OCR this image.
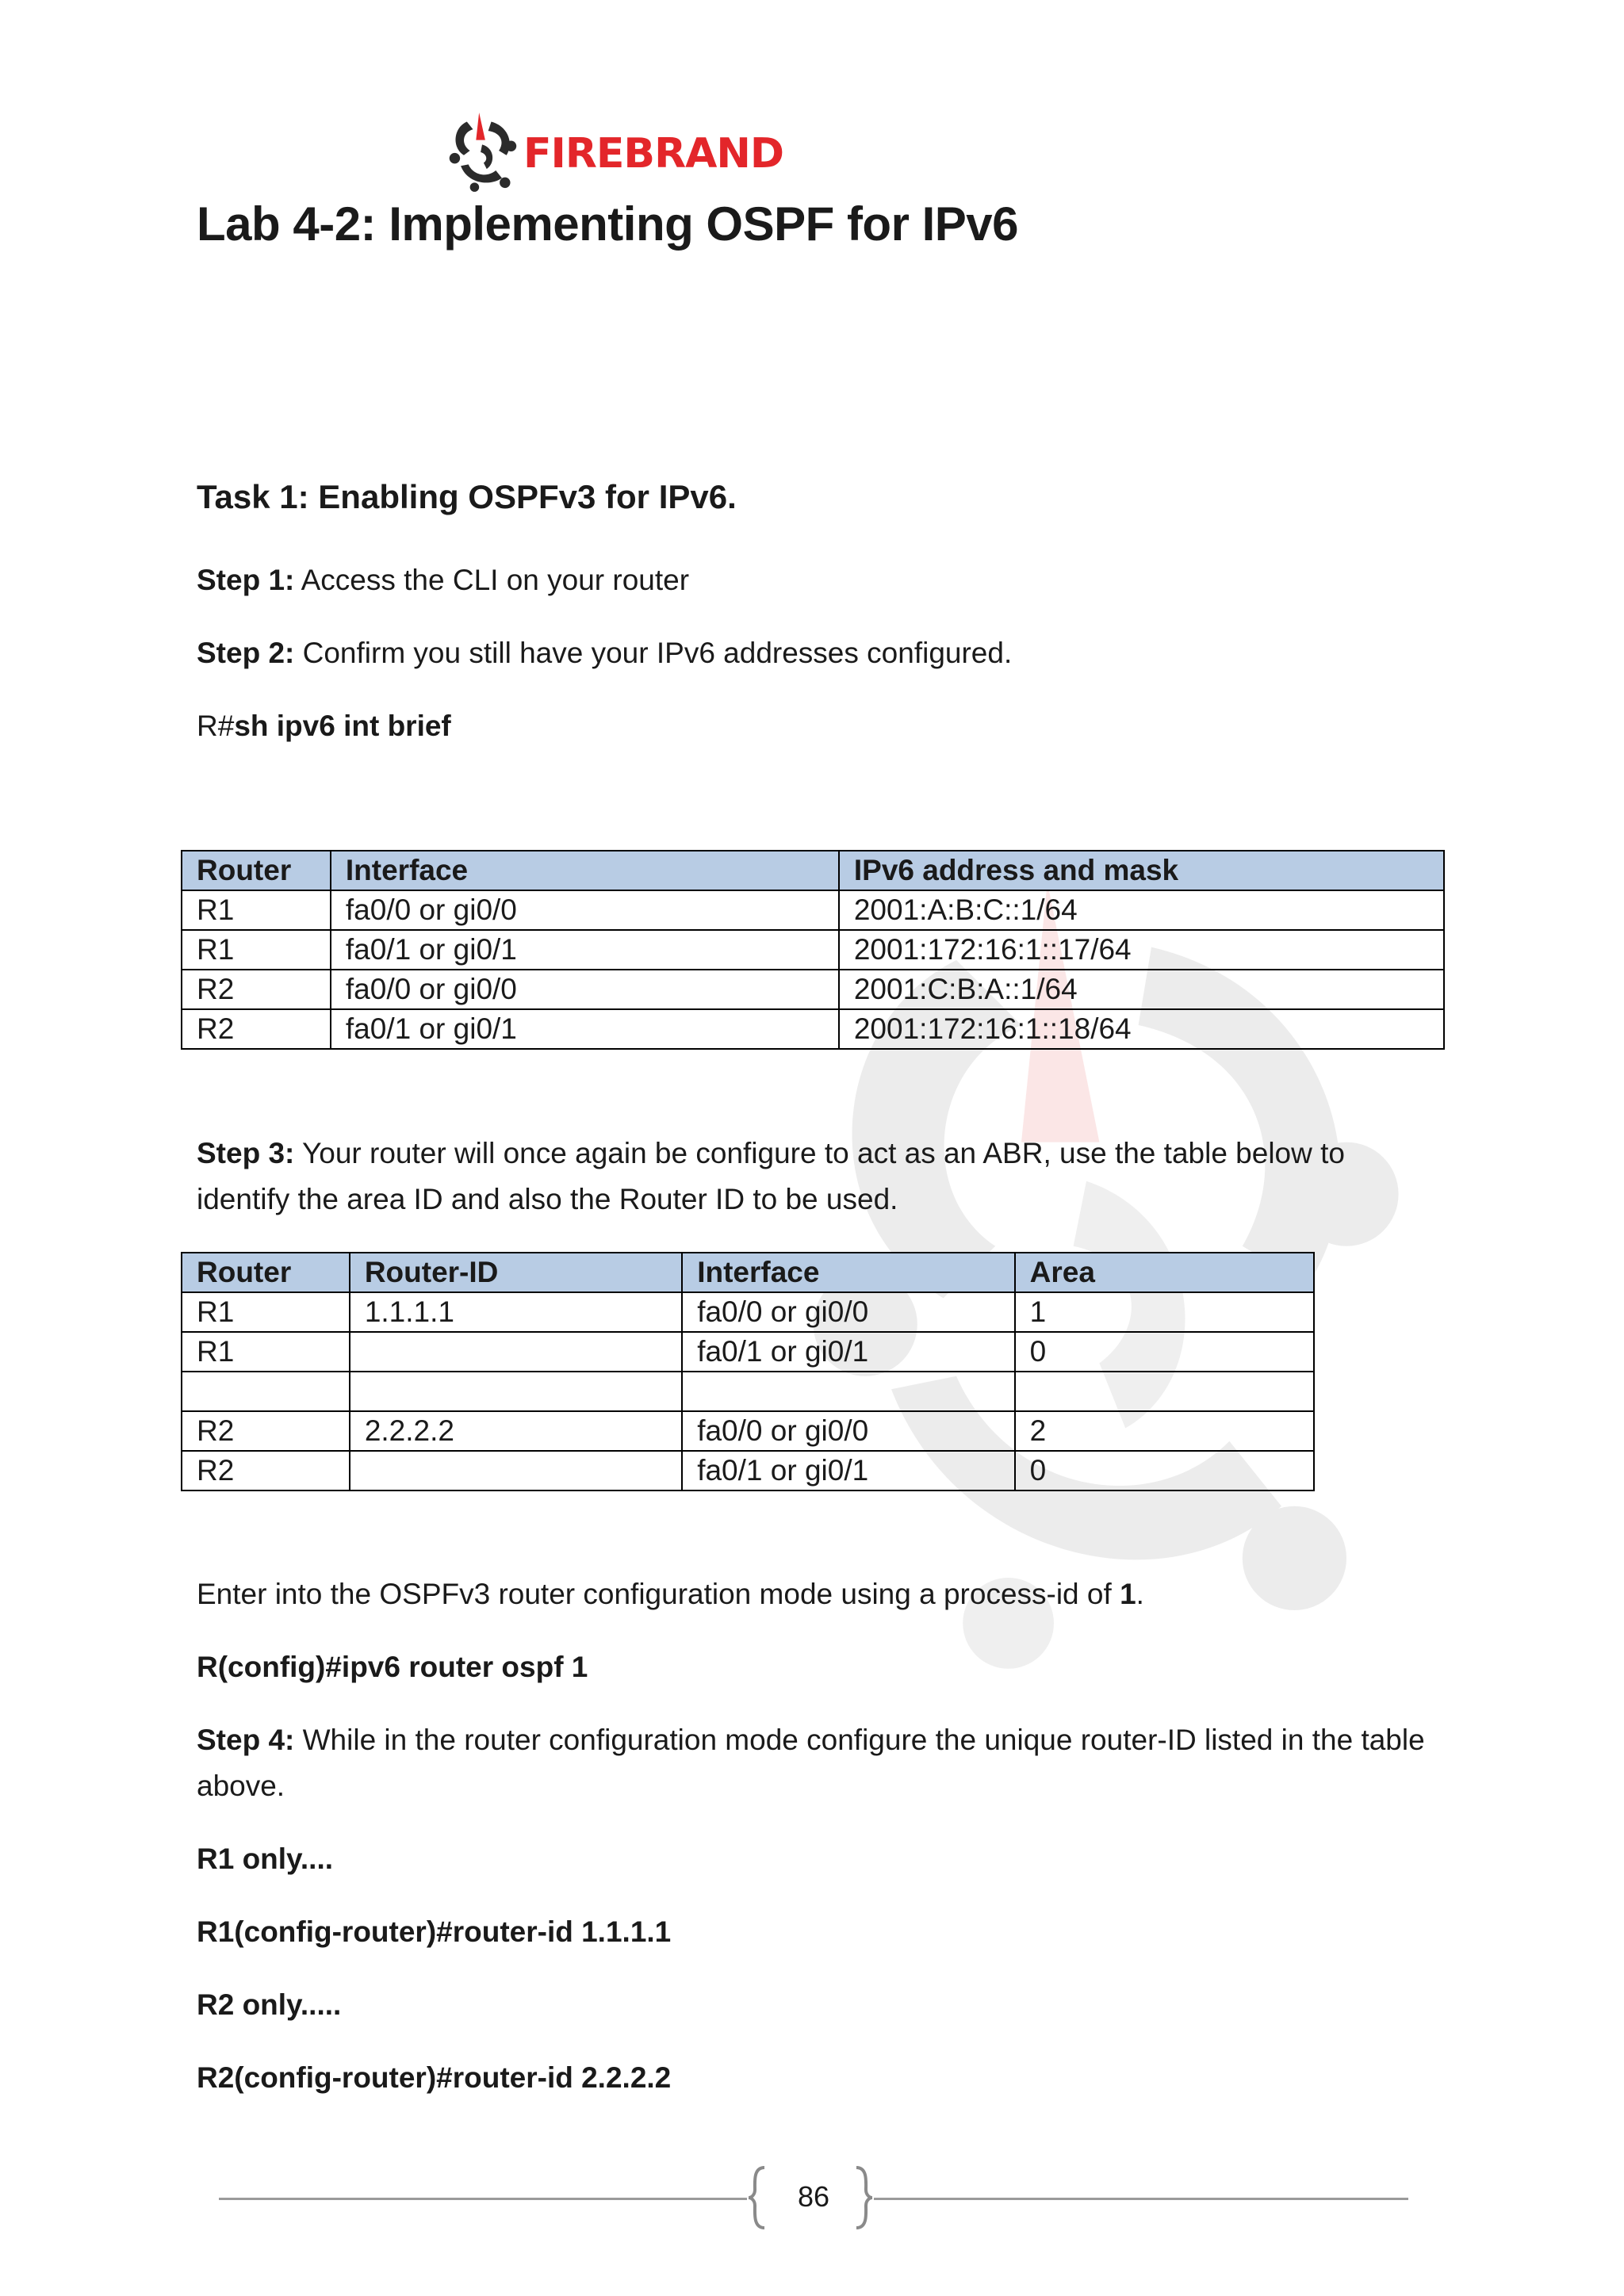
FIREBRAND
Lab 4-2: Implementing OSPF for IPv6
Task 1: Enabling OSPFv3 for IPv6.

Step 1: Access the CLI on your router

Step 2: Confirm you still have your IPv6 addresses configured.

R#sh ipv6 int brief

Router	Interface	IPv6 address and mask
R1	fa0/0 or gi0/0	2001:A:B:C::1/64
R1	fa0/1 or gi0/1	2001:172:16:1::17/64
R2	fa0/0 or gi0/0	2001:C:B:A::1/64
R2	fa0/1 or gi0/1	2001:172:16:1::18/64

Step 3: Your router will once again be configure to act as an ABR, use the table below to identify the area ID and also the Router ID to be used.

Router	Router-ID	Interface	Area
R1	1.1.1.1	fa0/0 or gi0/0	1
R1		fa0/1 or gi0/1	0

R2	2.2.2.2	fa0/0 or gi0/0	2
R2		fa0/1 or gi0/1	0

Enter into the OSPFv3 router configuration mode using a process-id of 1.

R(config)#ipv6 router ospf 1

Step 4: While in the router configuration mode configure the unique router-ID listed in the table above.

R1 only....

R1(config-router)#router-id 1.1.1.1

R2 only.....

R2(config-router)#router-id 2.2.2.2

86
